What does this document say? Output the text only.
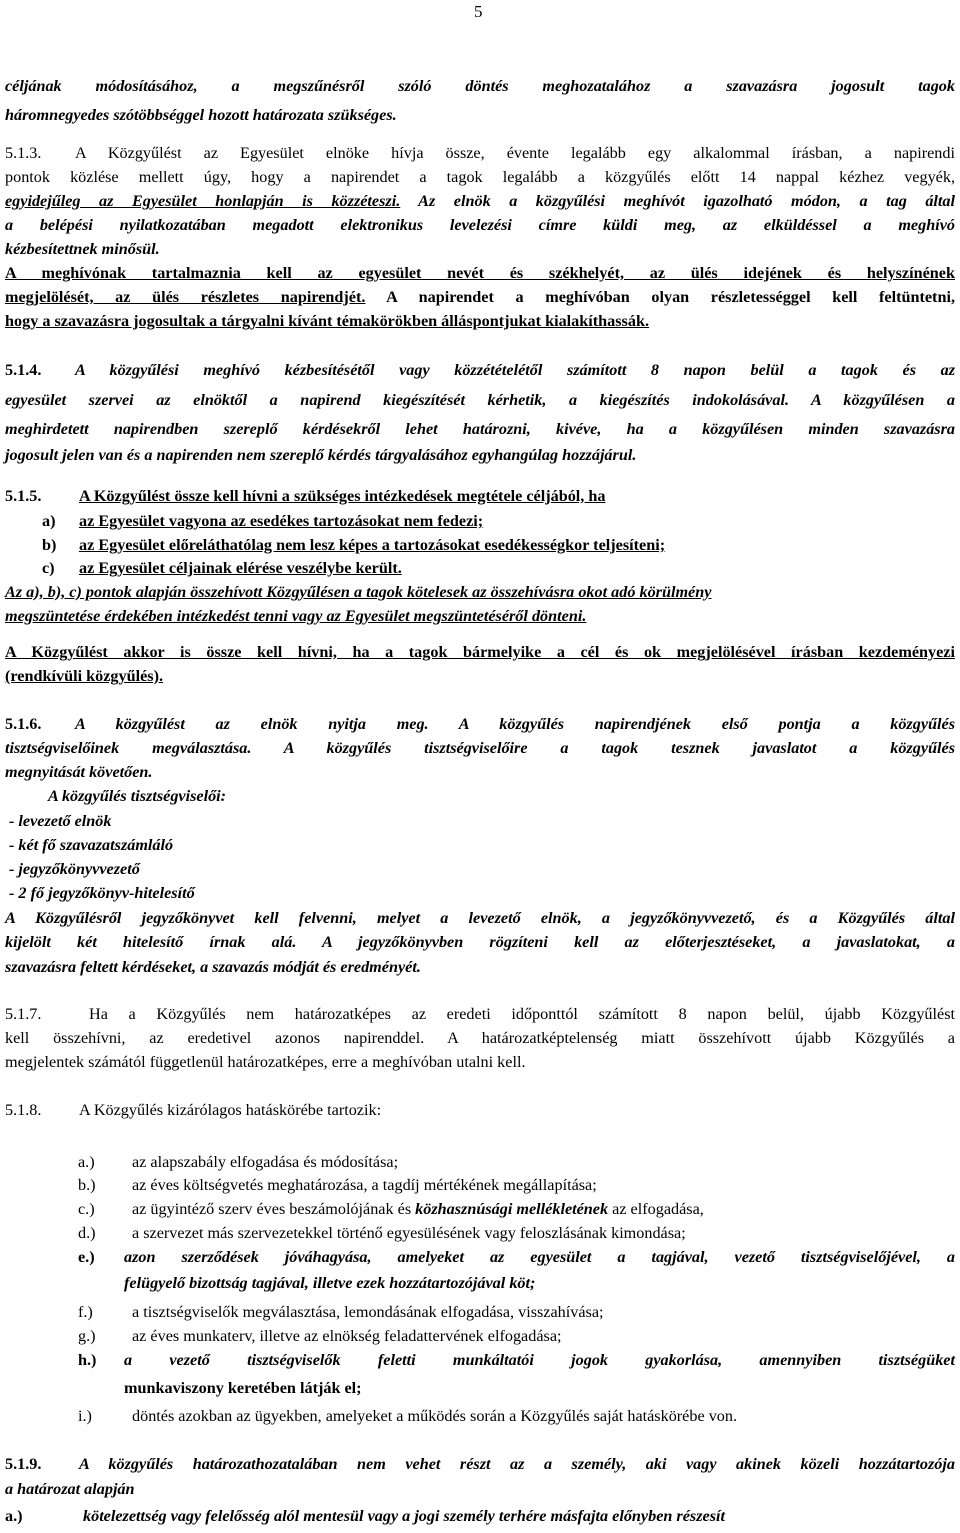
5
céljának módosításához, a megszűnésről szóló döntés meghozatalához a szavazásra jogosult tagok
háromnegyedes szótöbbséggel hozott határozata szükséges.
5.1.3. A Közgyűlést az Egyesület elnöke hívja össze, évente legalább egy alkalommal írásban, a napirendi
pontok közlése mellett úgy, hogy a napirendet a tagok legalább a közgyűlés előtt 14 nappal kézhez vegyék,
egyidejűleg az Egyesület honlapján is közzéteszi. Az elnök a közgyűlési meghívót igazolható módon, a tag által
a belépési nyilatkozatában megadott elektronikus levelezési címre küldi meg, az elküldéssel a meghívó
kézbesítettnek minősül.
A meghívónak tartalmaznia kell az egyesület nevét és székhelyét, az ülés idejének és helyszínének
megjelölését, az ülés részletes napirendjét. A napirendet a meghívóban olyan részletességgel kell feltüntetni,
hogy a szavazásra jogosultak a tárgyalni kívánt témakörökben álláspontjukat kialakíthassák.
5.1.4. A közgyűlési meghívó kézbesítésétől vagy közzétételétől számított 8 napon belül a tagok és az
egyesület szervei az elnöktől a napirend kiegészítését kérhetik, a kiegészítés indokolásával. A közgyűlésen a
meghirdetett napirendben szereplő kérdésekről lehet határozni, kivéve, ha a közgyűlésen minden szavazásra
jogosult jelen van és a napirenden nem szereplő kérdés tárgyalásához egyhangúlag hozzájárul.
5.1.5. A Közgyűlést össze kell hívni a szükséges intézkedések megtétele céljából, ha
a) az Egyesület vagyona az esedékes tartozásokat nem fedezi;
b) az Egyesület előreláthatólag nem lesz képes a tartozásokat esedékességkor teljesíteni;
c) az Egyesület céljainak elérése veszélybe került.
Az a), b), c) pontok alapján összehívott Közgyűlésen a tagok kötelesek az összehívásra okot adó körülmény
megszüntetése érdekében intézkedést tenni vagy az Egyesület megszüntetéséről dönteni.
A Közgyűlést akkor is össze kell hívni, ha a tagok bármelyike a cél és ok megjelölésével írásban kezdeményezi
(rendkívüli közgyűlés).
5.1.6. A közgyűlést az elnök nyitja meg. A közgyűlés napirendjének első pontja a közgyűlés
tisztségviselőinek megválasztása. A közgyűlés tisztségviselőire a tagok tesznek javaslatot a közgyűlés
megnyitását követően.
A közgyűlés tisztségviselői:
- levezető elnök
- két fő szavazatszámláló
- jegyzőkönyvvezető
- 2 fő jegyzőkönyv-hitelesítő
A Közgyűlésről jegyzőkönyvet kell felvenni, melyet a levezető elnök, a jegyzőkönyvvezető, és a Közgyűlés által
kijelölt két hitelesítő írnak alá. A jegyzőkönyvben rögzíteni kell az előterjesztéseket, a javaslatokat, a
szavazásra feltett kérdéseket, a szavazás módját és eredményét.
5.1.7.	Ha a Közgyűlés nem határozatképes az eredeti időponttól számított 8 napon belül, újabb Közgyűlést
kell összehívni, az eredetivel azonos napirenddel. A határozatképtelenség miatt összehívott újabb Közgyűlés a
megjelentek számától függetlenül határozatképes, erre a meghívóban utalni kell.
5.1.8. A Közgyűlés kizárólagos hatáskörébe tartozik:
a.) az alapszabály elfogadása és módosítása;
b.) az éves költségvetés meghatározása, a tagdíj mértékének megállapítása;
c.) az ügyintéző szerv éves beszámolójának és közhasznúsági mellékletének az elfogadása,
d.) a szervezet más szervezetekkel történő egyesülésének vagy feloszlásának kimondása;
e.) azon szerződések jóváhagyása, amelyeket az egyesület a tagjával, vezető tisztségviselőjével, a
felügyelő bizottság tagjával, illetve ezek hozzátartozójával köt;
f.) a tisztségviselők megválasztása, lemondásának elfogadása, visszahívása;
g.) az éves munkaterv, illetve az elnökség feladattervének elfogadása;
h.) a vezető tisztségviselők feletti munkáltatói jogok gyakorlása, amennyiben tisztségüket
munkaviszony keretében látják el;
i.) döntés azokban az ügyekben, amelyeket a működés során a Közgyűlés saját hatáskörébe von.
5.1.9. A közgyűlés határozathozatalában nem vehet részt az a személy, aki vagy akinek közeli hozzátartozója
a határozat alapján
a.)	kötelezettség vagy felelősség alól mentesül vagy a jogi személy terhére másfajta előnyben részesít
